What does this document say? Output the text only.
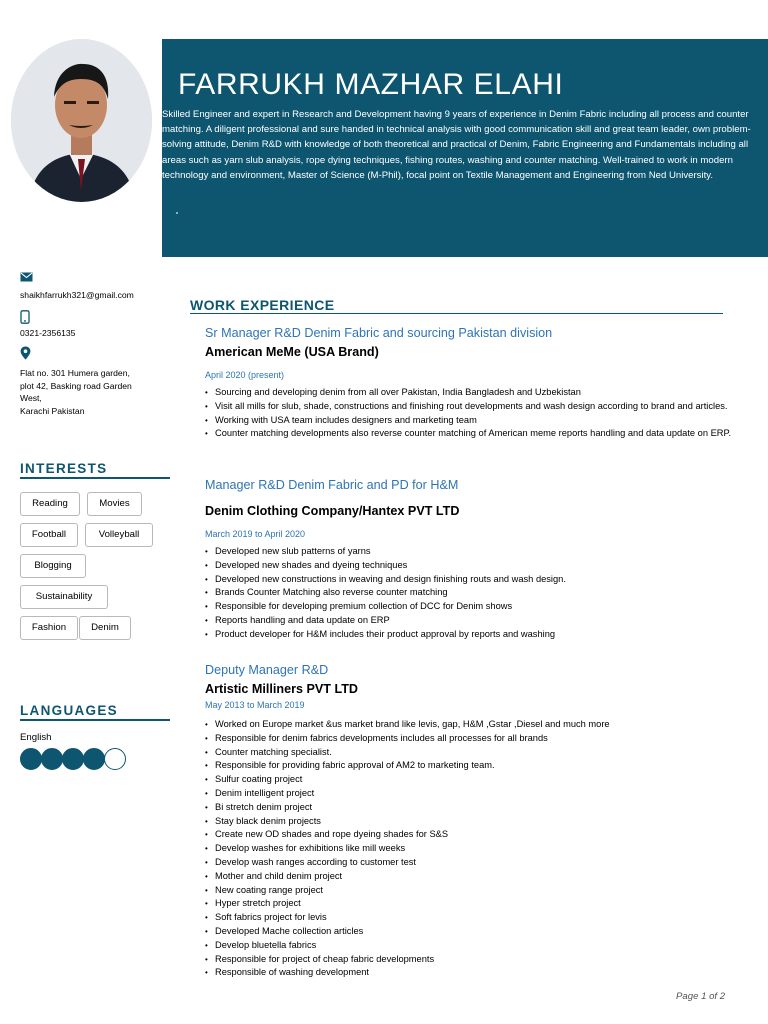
FARRUKH MAZHAR ELAHI
Skilled Engineer and expert in Research and Development having 9 years of experience in Denim Fabric including all process and counter matching. A diligent professional and sure handed in technical analysis with good communication skill and great team leader, own problem-solving attitude, Denim R&D with knowledge of both theoretical and practical of Denim, Fabric Engineering and Fundamentals including all areas such as yarn slub analysis, rope dying techniques, fishing routes, washing and counter matching. Well-trained to work in modern technology and environment, Master of Science (M-Phil), focal point on Textile Management and Engineering from Ned University.
shaikhfarrukh321@gmail.com
0321-2356135
Flat no. 301 Humera garden,
plot 42, Basking road Garden
West,
Karachi Pakistan
INTERESTS
Reading	Movies
Football	Volleyball
Blogging
Sustainability
Fashion	Denim
LANGUAGES
English
WORK EXPERIENCE
Sr Manager R&D Denim Fabric and sourcing Pakistan division
American MeMe (USA Brand)
April 2020 (present)
• Sourcing and developing denim from all over Pakistan, India Bangladesh and Uzbekistan
• Visit all mills for slub, shade, constructions and finishing rout developments and wash design according to brand and articles.
• Working with USA team includes designers and marketing team
• Counter matching developments also reverse counter matching of American meme reports handling and data update on ERP.
Manager R&D Denim Fabric and PD for H&M
Denim Clothing Company/Hantex PVT LTD
March 2019 to April 2020
• Developed new slub patterns of yarns
• Developed new shades and dyeing techniques
• Developed new constructions in weaving and design finishing routs and wash design.
• Brands Counter Matching also reverse counter matching
• Responsible for developing premium collection of DCC for Denim shows
• Reports handling and data update on ERP
• Product developer for H&M includes their product approval by reports and washing
Deputy Manager R&D
Artistic Milliners PVT LTD
May 2013 to March 2019
• Worked on Europe market &us market brand like levis, gap, H&M ,Gstar ,Diesel and much more
• Responsible for denim fabrics developments includes all processes for all brands
• Counter matching specialist.
• Responsible for providing fabric approval of AM2 to marketing team.
• Sulfur coating project
• Denim intelligent project
• Bi stretch denim project
• Stay black denim projects
• Create new OD shades and rope dyeing shades for S&S
• Develop washes for exhibitions like mill weeks
• Develop wash ranges according to customer test
• Mother and child denim project
• New coating range project
• Hyper stretch project
• Soft fabrics project for levis
• Developed Mache collection articles
• Develop bluetella fabrics
• Responsible for project of cheap fabric developments
• Responsible of washing development
Page 1 of 2
